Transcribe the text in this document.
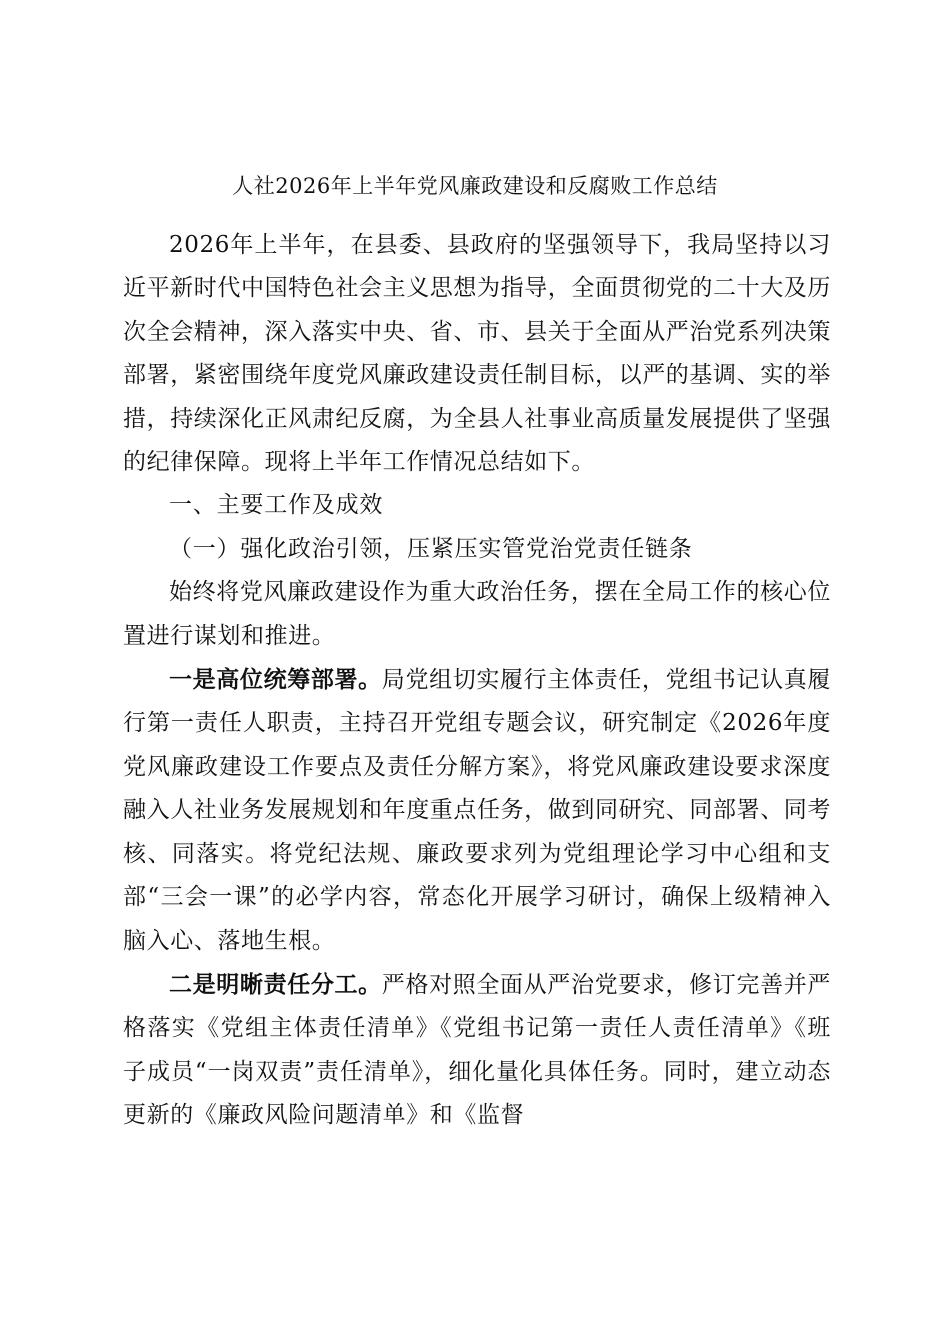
人社2026年上半年党风廉政建设和反腐败工作总结

2026年上半年，在县委、县政府的坚强领导下，我局坚持以习近平新时代中国特色社会主义思想为指导，全面贯彻党的二十大及历次全会精神，深入落实中央、省、市、县关于全面从严治党系列决策部署，紧密围绕年度党风廉政建设责任制目标，以严的基调、实的举措，持续深化正风肃纪反腐，为全县人社事业高质量发展提供了坚强的纪律保障。现将上半年工作情况总结如下。

一、主要工作及成效

（一）强化政治引领，压紧压实管党治党责任链条

始终将党风廉政建设作为重大政治任务，摆在全局工作的核心位置进行谋划和推进。

一是高位统筹部署。局党组切实履行主体责任，党组书记认真履行第一责任人职责，主持召开党组专题会议，研究制定《2026年度党风廉政建设工作要点及责任分解方案》，将党风廉政建设要求深度融入人社业务发展规划和年度重点任务，做到同研究、同部署、同考核、同落实。将党纪法规、廉政要求列为党组理论学习中心组和支部“三会一课”的必学内容，常态化开展学习研讨，确保上级精神入脑入心、落地生根。

二是明晰责任分工。严格对照全面从严治党要求，修订完善并严格落实《党组主体责任清单》《党组书记第一责任人责任清单》《班子成员“一岗双责”责任清单》，细化量化具体任务。同时，建立动态更新的《廉政风险问题清单》和《监督
